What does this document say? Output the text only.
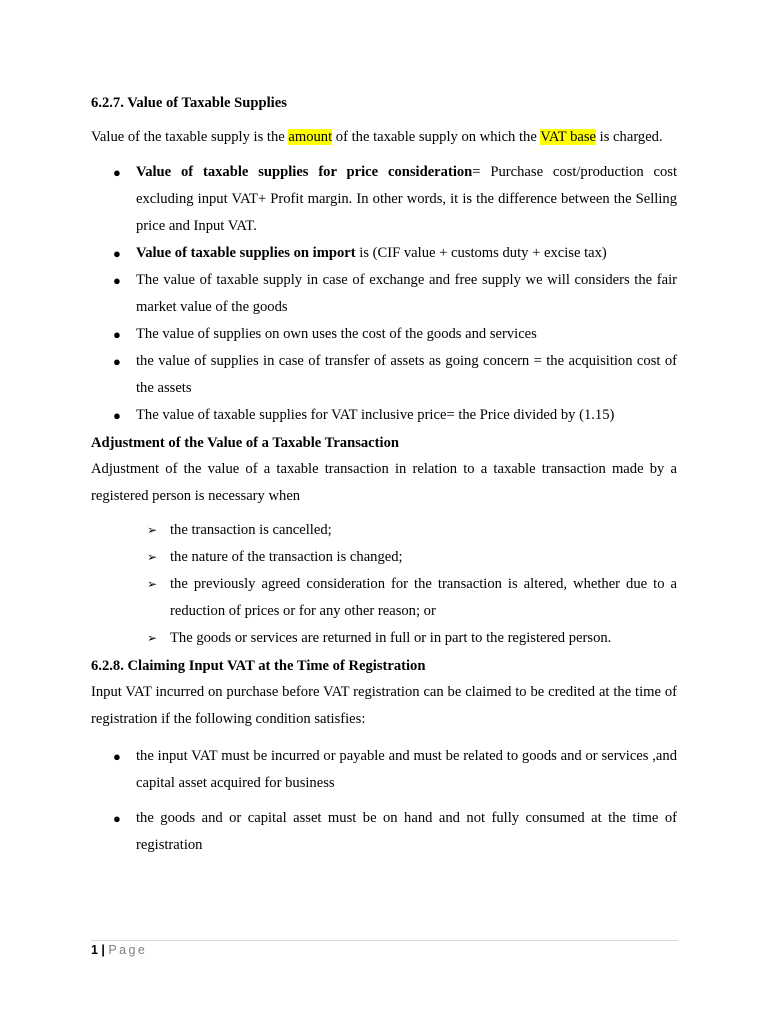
6.2.7. Value of Taxable Supplies

Value of the taxable supply is the amount of the taxable supply on which the VAT base is charged.

● Value of taxable supplies for price consideration= Purchase cost/production cost excluding input VAT+ Profit margin. In other words, it is the difference between the Selling price and Input VAT.
● Value of taxable supplies on import is (CIF value + customs duty + excise tax)
● The value of taxable supply in case of exchange and free supply we will considers the fair market value of the goods
● The value of supplies on own uses the cost of the goods and services
● the value of supplies in case of transfer of assets as going concern = the acquisition cost of the assets
● The value of taxable supplies for VAT inclusive price= the Price divided by (1.15)

Adjustment of the Value of a Taxable Transaction

Adjustment of the value of a taxable transaction in relation to a taxable transaction made by a registered person is necessary when

➢ the transaction is cancelled;
➢ the nature of the transaction is changed;
➢ the previously agreed consideration for the transaction is altered, whether due to a reduction of prices or for any other reason; or
➢ The goods or services are returned in full or in part to the registered person.

6.2.8. Claiming Input VAT at the Time of Registration

Input VAT incurred on purchase before VAT registration can be claimed to be credited at the time of registration if the following condition satisfies:

● the input VAT must be incurred or payable and must be related to goods and or services ,and capital asset acquired for business
● the goods and or capital asset must be on hand and not fully consumed at the time of registration
1 | Page
